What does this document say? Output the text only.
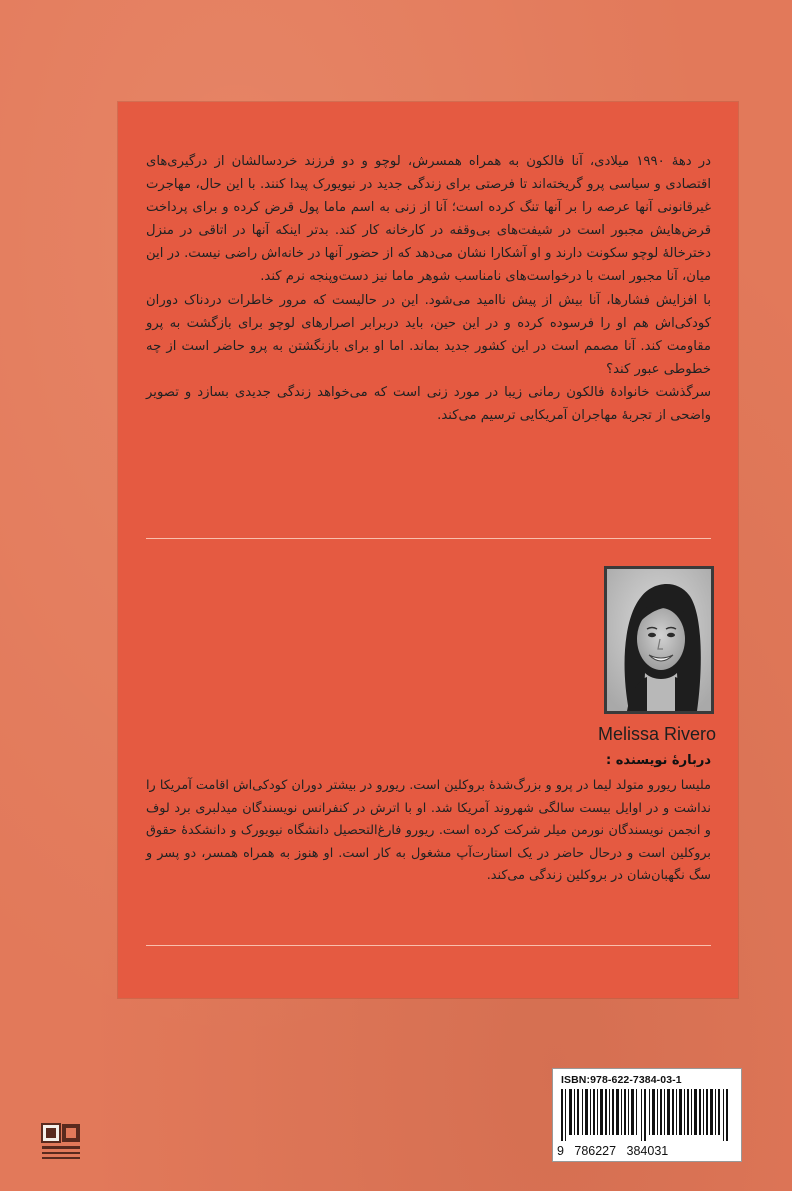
در دههٔ ۱۹۹۰ میلادی، آنا فالکون به همراه همسرش، لوچو و دو فرزند خردسالشان از درگیری‌های اقتصادی و سیاسی پرو گریخته‌اند تا فرصتی برای زندگی جدید در نیویورک پیدا کنند. با این حال، مهاجرت غیرقانونی آنها عرصه را بر آنها تنگ کرده است؛ آنا از زنی به اسم ماما پول قرض کرده و برای پرداخت قرض‌هایش مجبور است در شیفت‌های بی‌وقفه در کارخانه کار کند. بدتر اینکه آنها در اتاقی در منزل دخترخالهٔ لوچو سکونت دارند و او آشکارا نشان می‌دهد که از حضور آنها در خانه‌اش راضی نیست. در این میان، آنا مجبور است با درخواست‌های نامناسب شوهر ماما نیز دست‌وپنجه نرم کند.

با افزایش فشارها، آنا بیش از پیش ناامید می‌شود. این در حالیست که مرور خاطرات دردناک دوران کودکی‌اش هم او را فرسوده کرده و در این حین، باید دربرابر اصرارهای لوچو برای بازگشت به پرو مقاومت کند. آنا مصمم است در این کشور جدید بماند. اما او برای بازنگشتن به پرو حاضر است از چه خطوطی عبور کند؟

سرگذشت خانوادهٔ فالکون رمانی زیبا در مورد زنی است که می‌خواهد زندگی جدیدی بسازد و تصویر واضحی از تجربهٔ مهاجران آمریکایی ترسیم می‌کند.

Melissa Rivero
دربارهٔ نویسنده :

ملیسا ریورو متولد لیما در پرو و بزرگ‌شدهٔ بروکلین است. ریورو در بیشتر دوران کودکی‌اش اقامت آمریکا را نداشت و در اوایل بیست سالگی شهروند آمریکا شد. او با اترش در کنفرانس نویسندگان میدلبری برد لوف و انجمن نویسندگان نورمن میلر شرکت کرده است. ریورو فارغ‌التحصیل دانشگاه نیویورک و دانشکدهٔ حقوق بروکلین است و درحال حاضر در یک استارت‌آپ مشغول به کار است. او هنوز به همراه همسر، دو پسر و سگ نگهبان‌شان در بروکلین زندگی می‌کند.

ISBN:978-622-7384-03-1
9 786227 384031
